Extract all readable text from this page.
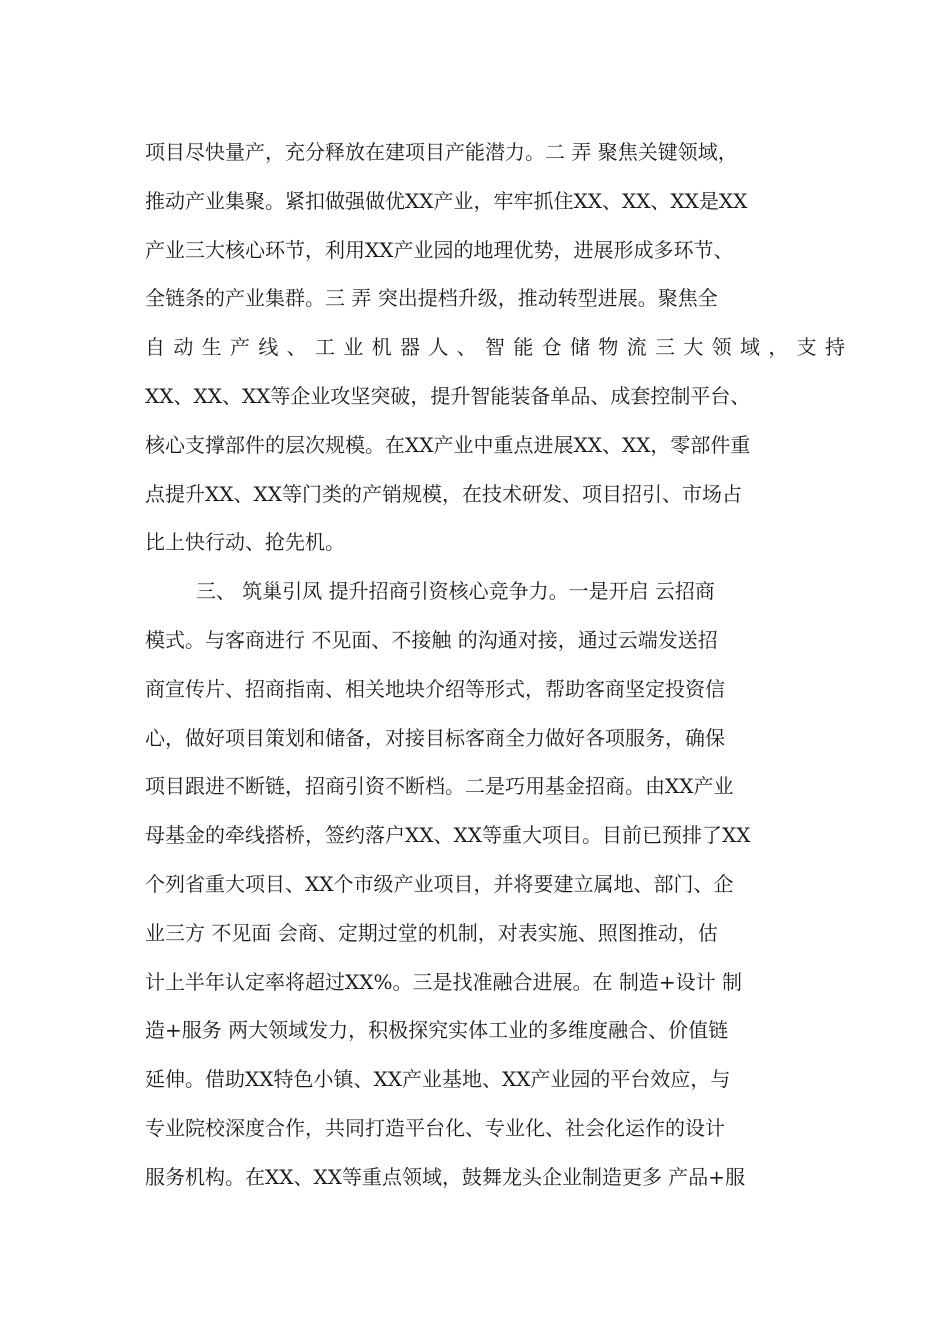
项目尽快量产，充分释放在建项目产能潜力。二 弄 聚焦关键领域，
推动产业集聚。紧扣做强做优XX产业，牢牢抓住XX、XX、XX是XX
产业三大核心环节，利用XX产业园的地理优势，进展形成多环节、
全链条的产业集群。三 弄 突出提档升级，推动转型进展。聚焦全
自动生产线、工业机器人、智能仓储物流三大领域，支持
XX、XX、XX等企业攻坚突破，提升智能装备单品、成套控制平台、
核心支撑部件的层次规模。在XX产业中重点进展XX、XX，零部件重
点提升XX、XX等门类的产销规模，在技术研发、项目招引、市场占
比上快行动、抢先机。
三、 筑巢引凤 提升招商引资核心竞争力。一是开启 云招商
模式。与客商进行 不见面、不接触 的沟通对接，通过云端发送招
商宣传片、招商指南、相关地块介绍等形式，帮助客商坚定投资信
心，做好项目策划和储备，对接目标客商全力做好各项服务，确保
项目跟进不断链，招商引资不断档。二是巧用基金招商。由XX产业
母基金的牵线搭桥，签约落户XX、XX等重大项目。目前已预排了XX
个列省重大项目、XX个市级产业项目，并将要建立属地、部门、企
业三方 不见面 会商、定期过堂的机制，对表实施、照图推动，估
计上半年认定率将超过XX%。三是找准融合进展。在 制造+设计 制
造+服务 两大领域发力，积极探究实体工业的多维度融合、价值链
延伸。借助XX特色小镇、XX产业基地、XX产业园的平台效应，与
专业院校深度合作，共同打造平台化、专业化、社会化运作的设计
服务机构。在XX、XX等重点领域，鼓舞龙头企业制造更多 产品+服
